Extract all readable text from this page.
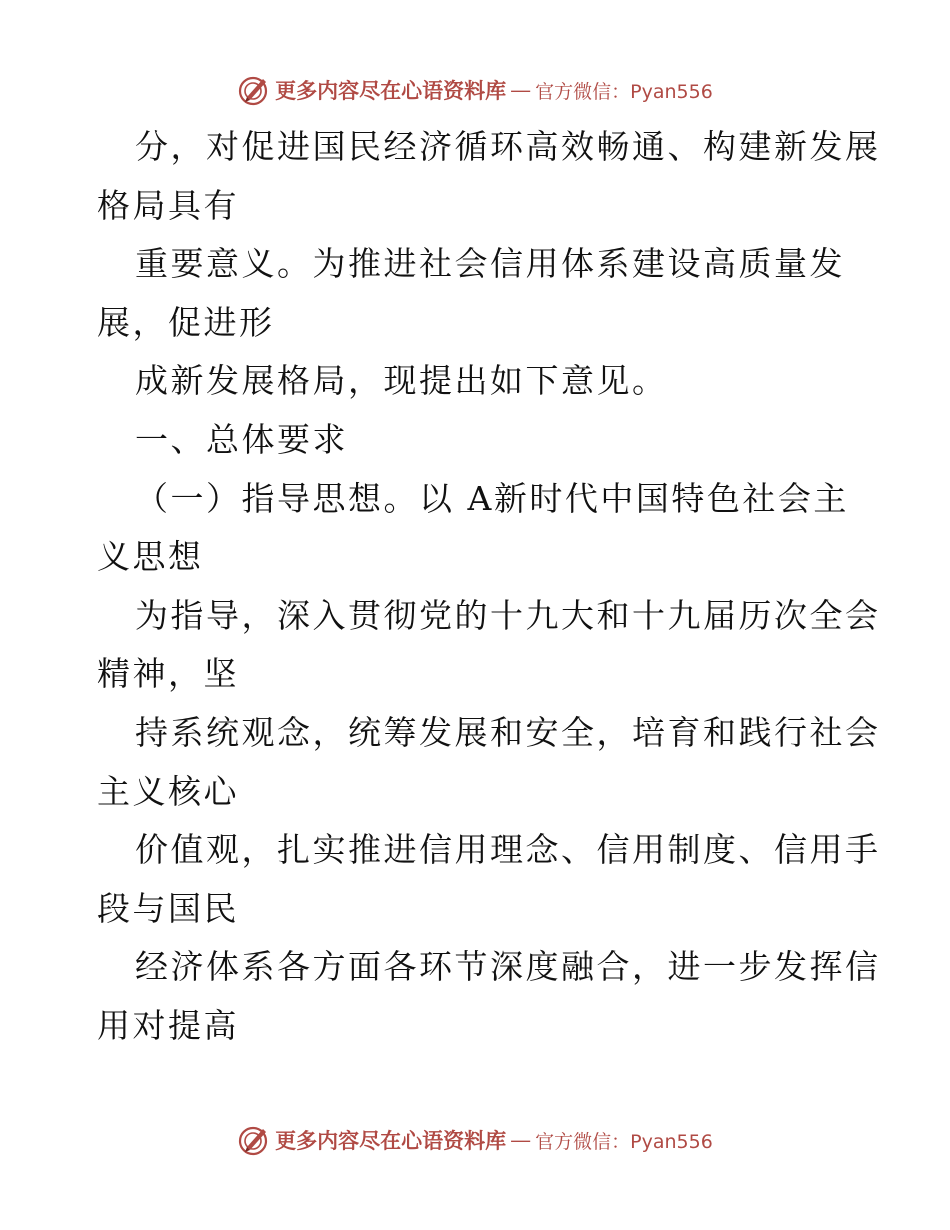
更多内容尽在心语资料库 — 官方微信：Pyan556
分，对促进国民经济循环高效畅通、构建新发展
格局具有
重要意义。为推进社会信用体系建设高质量发
展，促进形
成新发展格局，现提出如下意见。
一、总体要求
（一）指导思想。以 A新时代中国特色社会主
义思想
为指导，深入贯彻党的十九大和十九届历次全会
精神，坚
持系统观念，统筹发展和安全，培育和践行社会
主义核心
价值观，扎实推进信用理念、信用制度、信用手
段与国民
经济体系各方面各环节深度融合，进一步发挥信
用对提高
更多内容尽在心语资料库 — 官方微信：Pyan556
